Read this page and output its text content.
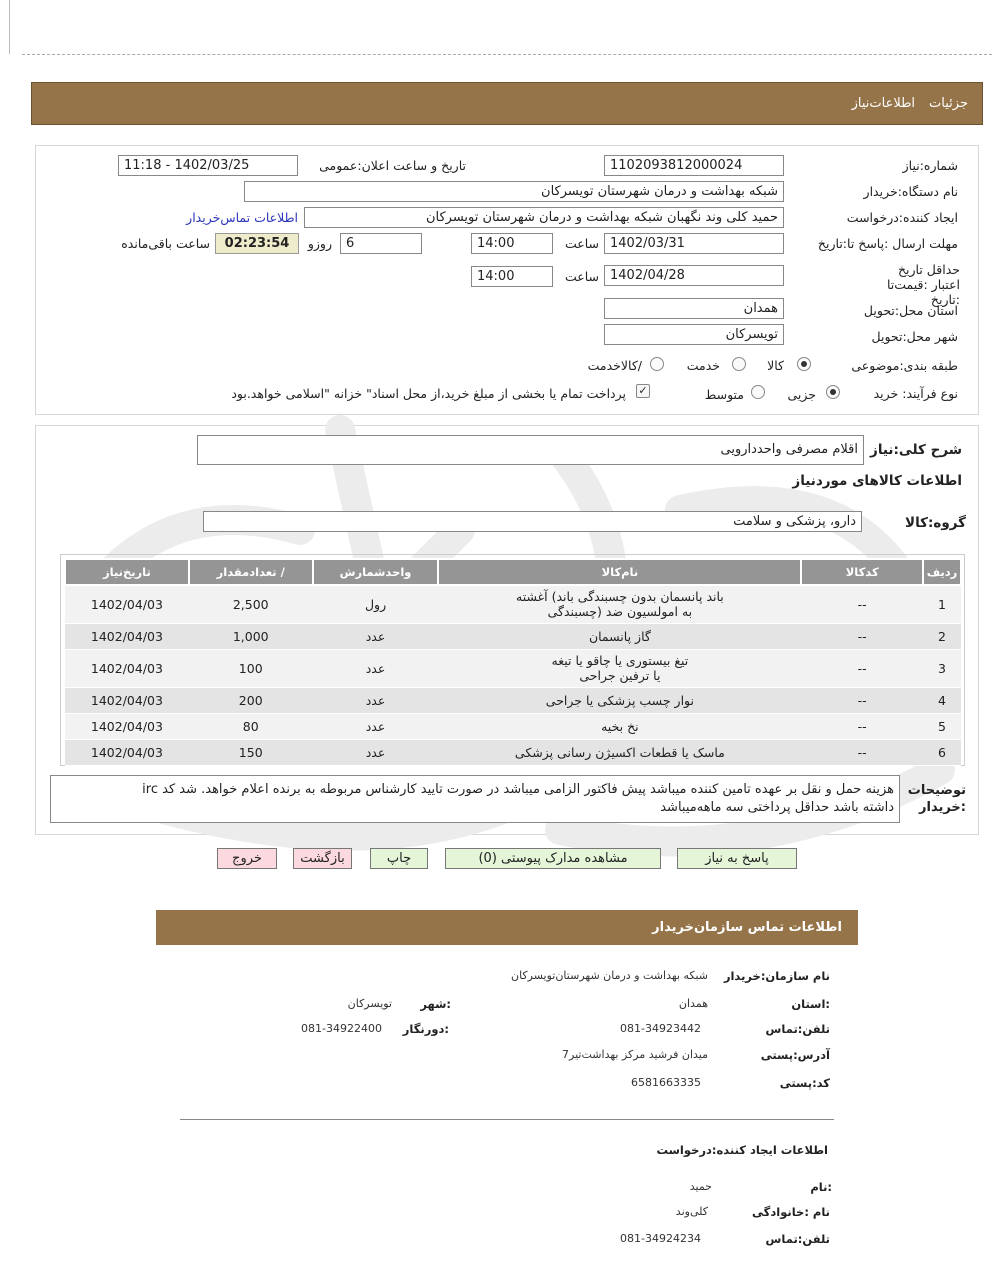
جزئیات
اطلاعات‌نیاز
شماره:نیاز
1102093812000024
تاریخ و ساعت اعلان:عمومی
1402/03/25 - 11:18
نام دستگاه:خریدار
شبکه بهداشت و درمان شهرستان تویسرکان
ایجاد کننده:درخواست
حمید کلی وند نگهبان شبکه بهداشت و درمان شهرستان تویسرکان
اطلاعات تماس‌خریدار
مهلت ارسال :پاسخ تا:تاریخ
1402/03/31
ساعت
14:00
6
روزو
02:23:54
ساعت باقی‌مانده
حداقل تاریخ اعتبار :قیمت‌تا :تاریخ
1402/04/28
ساعت
14:00
استان محل:تحویل
همدان
شهر محل:تحویل
تویسرکان
طبقه بندی:موضوعی
کالا
خدمت
/کالاخدمت
نوع فرآیند: خرید
جزیی
متوسط
✓
پرداخت تمام یا بخشی از مبلغ خرید،از محل اسناد" خزانه "اسلامی خواهد.بود
شرح کلی:نیاز
اقلام مصرفی واحددارویی
اطلاعات کالاهای موردنیاز
گروه:کالا
دارو، پزشکی و سلامت
ردیف	کدکالا	نام‌کالا	واحدشمارش	/ تعدادمقدار	تاریخ‌نیاز
1	--	باند پانسمان بدون چسبندگی باند) آغشته
به امولسیون ضد (چسبندگی	رول	2,500	1402/04/03
2	--	گاز پانسمان	عدد	1,000	1402/04/03
3	--	تیغ بیستوری یا چاقو یا تیغه
یا ترفین جراحی	عدد	100	1402/04/03
4	--	نوار چسب پزشکی یا جراحی	عدد	200	1402/04/03
5	--	نخ بخیه	عدد	80	1402/04/03
6	--	ماسک یا قطعات اکسیژن رسانی پزشکی	عدد	150	1402/04/03
توضیحات :خریدار
هزینه حمل و نقل بر عهده تامین کننده میباشد پیش فاکتور الزامی میباشد در صورت تایید کارشناس مربوطه به برنده اعلام خواهد. شد کد irc
داشته باشد حداقل پرداختی سه ماهه‌میباشد
پاسخ به نیاز
مشاهده مدارک پیوستی (0)
چاپ
بازگشت
خروج
اطلاعات تماس سازمان‌خریدار
نام سازمان:خریدار
شبکه بهداشت و درمان شهرستان‌تویسرکان
:استان
همدان
:شهر
تویسرکان
تلفن:تماس
081-34923442
:دورنگار
081-34922400
آدرس:پستی
میدان فرشید مرکز بهداشت‌تیر7
کد:پستی
6581663335
اطلاعات ایجاد کننده:درخواست
:نام
حمید
نام :خانوادگی
کلی‌وند
تلفن:تماس
081-34924234
